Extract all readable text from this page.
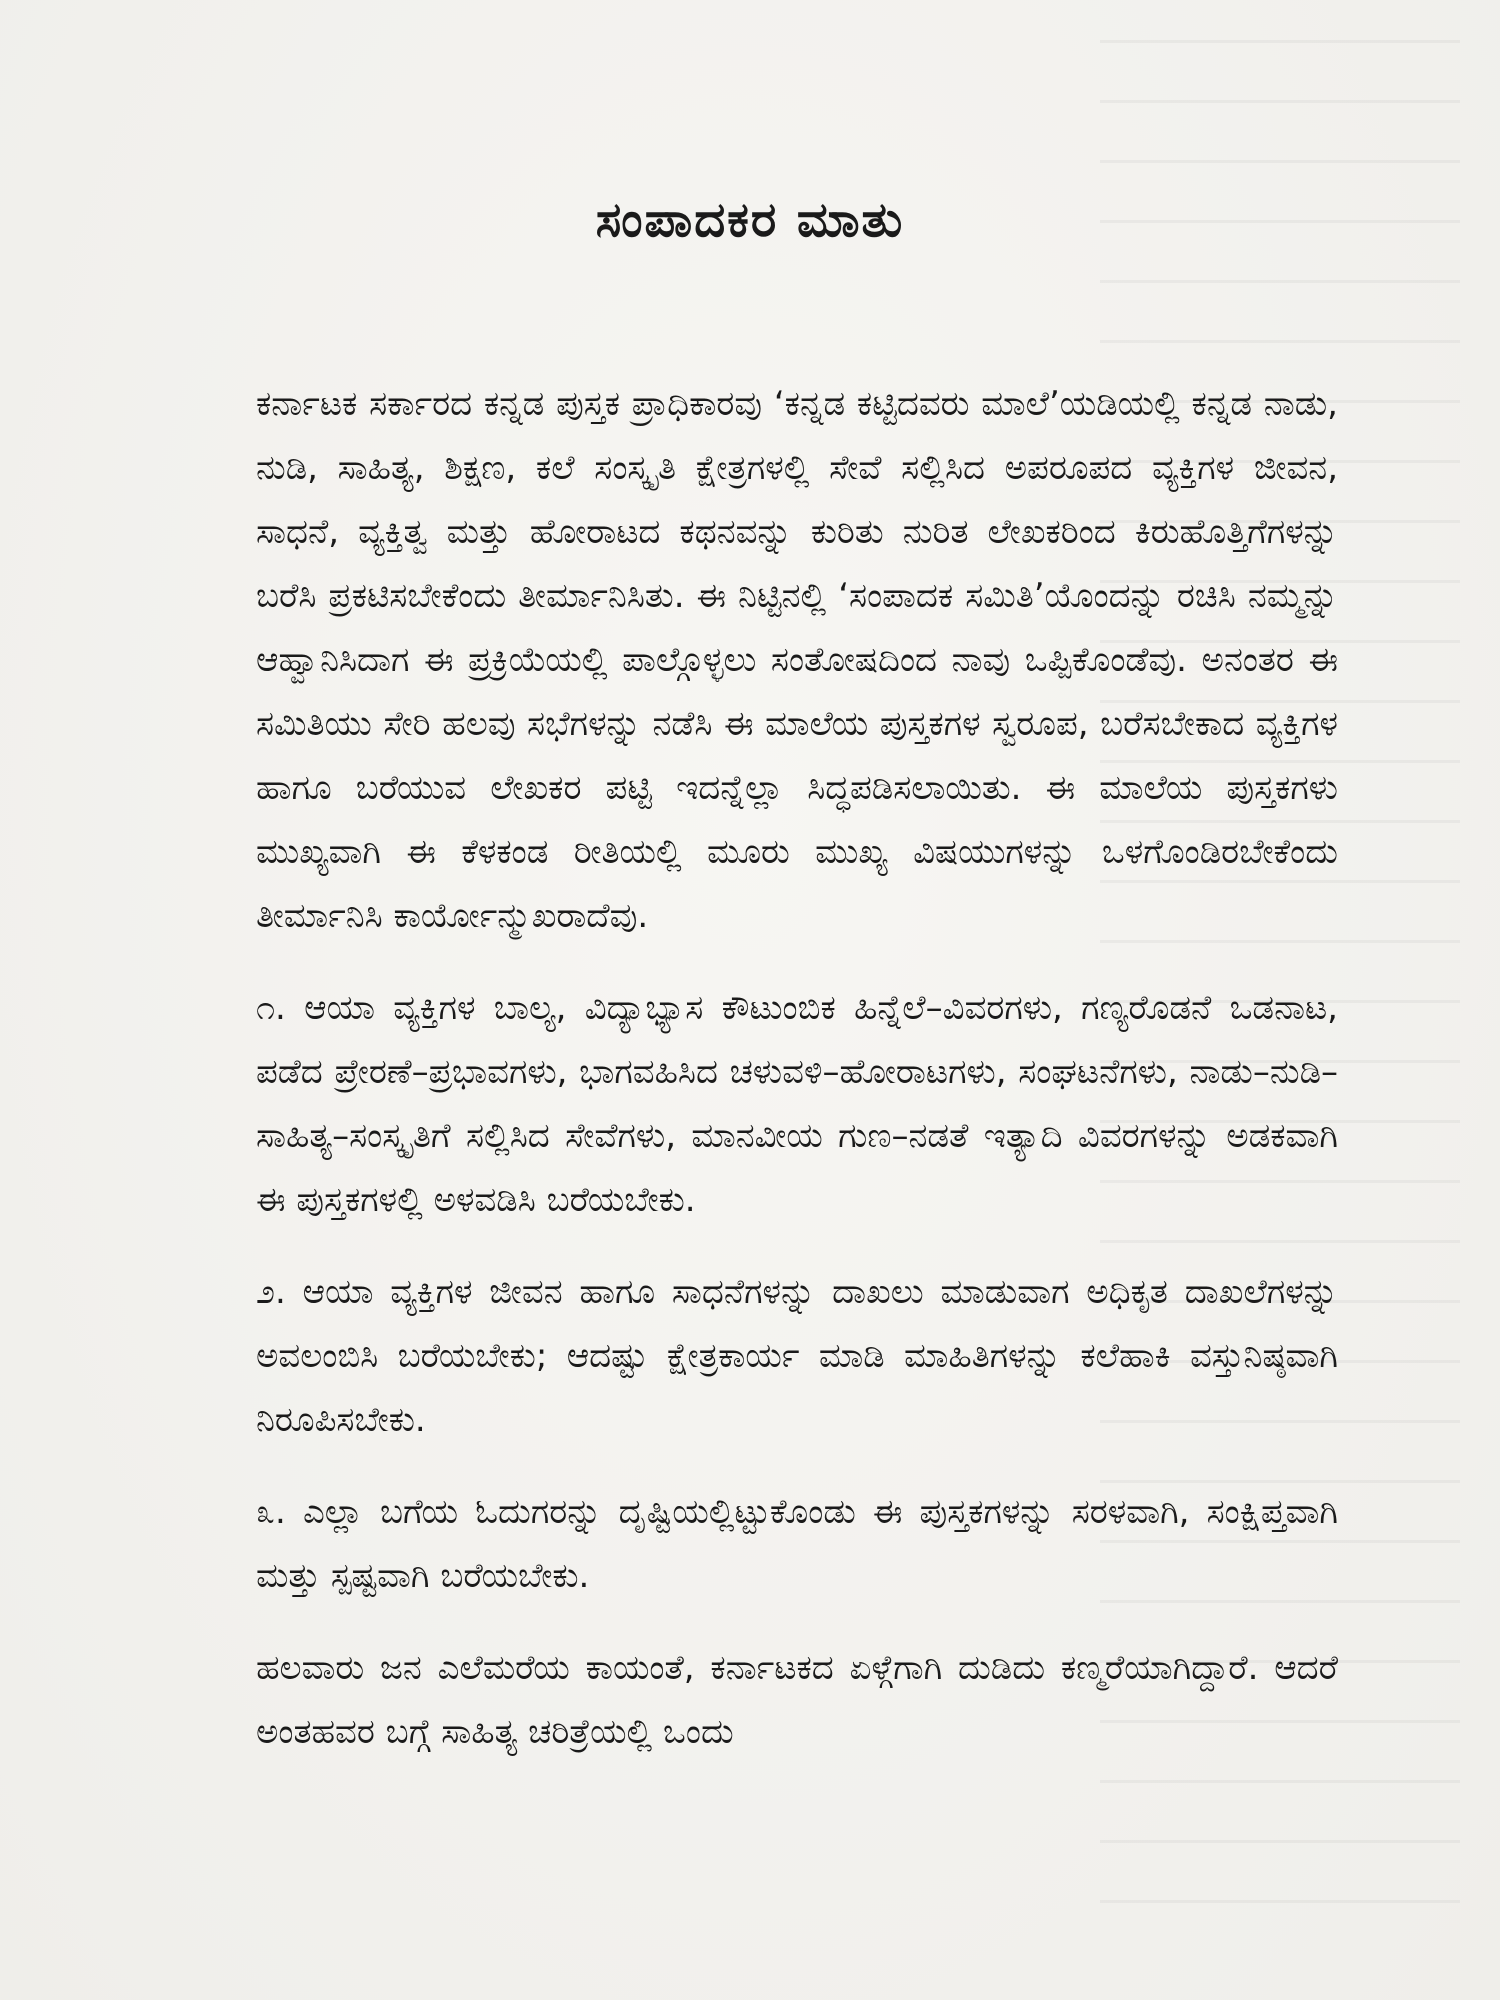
ಸಂಪಾದಕರ ಮಾತು

ಕರ್ನಾಟಕ ಸರ್ಕಾರದ ಕನ್ನಡ ಪುಸ್ತಕ ಪ್ರಾಧಿಕಾರವು ‘ಕನ್ನಡ ಕಟ್ಟಿದವರು ಮಾಲೆ’ಯಡಿಯಲ್ಲಿ ಕನ್ನಡ ನಾಡು, ನುಡಿ, ಸಾಹಿತ್ಯ, ಶಿಕ್ಷಣ, ಕಲೆ ಸಂಸ್ಕೃತಿ ಕ್ಷೇತ್ರಗಳಲ್ಲಿ ಸೇವೆ ಸಲ್ಲಿಸಿದ ಅಪರೂಪದ ವ್ಯಕ್ತಿಗಳ ಜೀವನ, ಸಾಧನೆ, ವ್ಯಕ್ತಿತ್ವ ಮತ್ತು ಹೋರಾಟದ ಕಥನವನ್ನು ಕುರಿತು ನುರಿತ ಲೇಖಕರಿಂದ ಕಿರುಹೊತ್ತಿಗೆಗಳನ್ನು ಬರೆಸಿ ಪ್ರಕಟಿಸಬೇಕೆಂದು ತೀರ್ಮಾನಿಸಿತು. ಈ ನಿಟ್ಟಿನಲ್ಲಿ ‘ಸಂಪಾದಕ ಸಮಿತಿ’ಯೊಂದನ್ನು ರಚಿಸಿ ನಮ್ಮನ್ನು ಆಹ್ವಾನಿಸಿದಾಗ ಈ ಪ್ರಕ್ರಿಯೆಯಲ್ಲಿ ಪಾಲ್ಗೊಳ್ಳಲು ಸಂತೋಷದಿಂದ ನಾವು ಒಪ್ಪಿಕೊಂಡೆವು. ಅನಂತರ ಈ ಸಮಿತಿಯು ಸೇರಿ ಹಲವು ಸಭೆಗಳನ್ನು ನಡೆಸಿ ಈ ಮಾಲೆಯ ಪುಸ್ತಕಗಳ ಸ್ವರೂಪ, ಬರೆಸಬೇಕಾದ ವ್ಯಕ್ತಿಗಳ ಹಾಗೂ ಬರೆಯುವ ಲೇಖಕರ ಪಟ್ಟಿ ಇದನ್ನೆಲ್ಲಾ ಸಿದ್ಧಪಡಿಸಲಾಯಿತು. ಈ ಮಾಲೆಯ ಪುಸ್ತಕಗಳು ಮುಖ್ಯವಾಗಿ ಈ ಕೆಳಕಂಡ ರೀತಿಯಲ್ಲಿ ಮೂರು ಮುಖ್ಯ ವಿಷಯುಗಳನ್ನು ಒಳಗೊಂಡಿರಬೇಕೆಂದು ತೀರ್ಮಾನಿಸಿ ಕಾರ್ಯೋನ್ಮುಖರಾದೆವು.

೧. ಆಯಾ ವ್ಯಕ್ತಿಗಳ ಬಾಲ್ಯ, ವಿದ್ಯಾಭ್ಯಾಸ ಕೌಟುಂಬಿಕ ಹಿನ್ನೆಲೆ–ವಿವರಗಳು, ಗಣ್ಯರೊಡನೆ ಒಡನಾಟ, ಪಡೆದ ಪ್ರೇರಣೆ–ಪ್ರಭಾವಗಳು, ಭಾಗವಹಿಸಿದ ಚಳುವಳಿ–ಹೋರಾಟಗಳು, ಸಂಘಟನೆಗಳು, ನಾಡು–ನುಡಿ–ಸಾಹಿತ್ಯ–ಸಂಸ್ಕೃತಿಗೆ ಸಲ್ಲಿಸಿದ ಸೇವೆಗಳು, ಮಾನವೀಯ ಗುಣ–ನಡತೆ ಇತ್ಯಾದಿ ವಿವರಗಳನ್ನು ಅಡಕವಾಗಿ ಈ ಪುಸ್ತಕಗಳಲ್ಲಿ ಅಳವಡಿಸಿ ಬರೆಯಬೇಕು.

೨. ಆಯಾ ವ್ಯಕ್ತಿಗಳ ಜೀವನ ಹಾಗೂ ಸಾಧನೆಗಳನ್ನು ದಾಖಲು ಮಾಡುವಾಗ ಅಧಿಕೃತ ದಾಖಲೆಗಳನ್ನು ಅವಲಂಬಿಸಿ ಬರೆಯಬೇಕು; ಆದಷ್ಟು ಕ್ಷೇತ್ರಕಾರ್ಯ ಮಾಡಿ ಮಾಹಿತಿಗಳನ್ನು ಕಲೆಹಾಕಿ ವಸ್ತುನಿಷ್ಠವಾಗಿ ನಿರೂಪಿಸಬೇಕು.

೩. ಎಲ್ಲಾ ಬಗೆಯ ಓದುಗರನ್ನು ದೃಷ್ಟಿಯಲ್ಲಿಟ್ಟುಕೊಂಡು ಈ ಪುಸ್ತಕಗಳನ್ನು ಸರಳವಾಗಿ, ಸಂಕ್ಷಿಪ್ತವಾಗಿ ಮತ್ತು ಸ್ಪಷ್ಟವಾಗಿ ಬರೆಯಬೇಕು.

ಹಲವಾರು ಜನ ಎಲೆಮರೆಯ ಕಾಯಂತೆ, ಕರ್ನಾಟಕದ ಏಳ್ಗೆಗಾಗಿ ದುಡಿದು ಕಣ್ಮರೆಯಾಗಿದ್ದಾರೆ. ಆದರೆ ಅಂತಹವರ ಬಗ್ಗೆ ಸಾಹಿತ್ಯ ಚರಿತ್ರೆಯಲ್ಲಿ ಒಂದು
